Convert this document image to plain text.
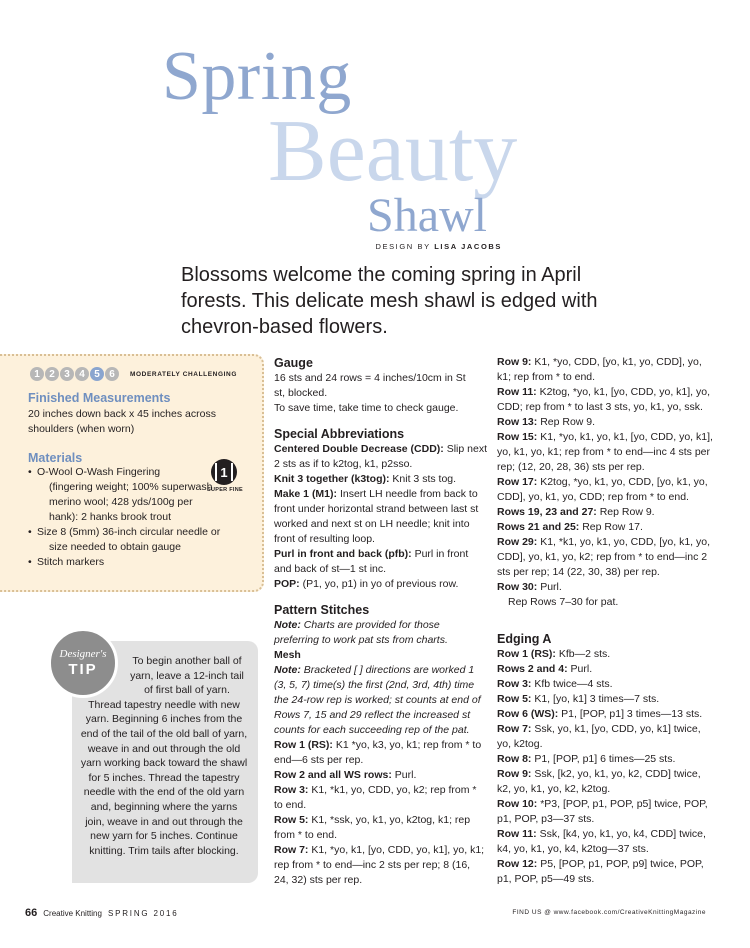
Spring
Beauty
Shawl
DESIGN BY LISA JACOBS
Blossoms welcome the coming spring in April forests. This delicate mesh shawl is edged with chevron-based flowers.
1 2 3 4 5 6	MODERATELY CHALLENGING
Finished Measurements
20 inches down back x 45 inches across shoulders (when worn)
Materials
1
SUPER FINE
• O-Wool O-Wash Fingering
(fingering weight; 100% superwash merino wool; 428 yds/100g per hank): 2 hanks brook trout
• Size 8 (5mm) 36-inch circular needle or
size needed to obtain gauge
• Stitch markers
Designer's
TIP	To begin another ball of yarn, leave a 12-inch tail of first ball of yarn.
Thread tapestry needle with new yarn. Beginning 6 inches from the end of the tail of the old ball of yarn, weave in and out through the old yarn working back toward the shawl for 5 inches. Thread the tapestry needle with the end of the old yarn and, beginning where the yarns join, weave in and out through the new yarn for 5 inches. Continue knitting. Trim tails after blocking.
Gauge

16 sts and 24 rows = 4 inches/10cm in St st, blocked.

To save time, take time to check gauge.

Special Abbreviations

Centered Double Decrease (CDD): Slip next 2 sts as if to k2tog, k1, p2sso.

Knit 3 together (k3tog): Knit 3 sts tog.

Make 1 (M1): Insert LH needle from back to front under horizontal strand between last st worked and next st on LH needle; knit into front of resulting loop.

Purl in front and back (pfb): Purl in front and back of st—1 st inc.

POP: (P1, yo, p1) in yo of previous row.

Pattern Stitches

Note: Charts are provided for those preferring to work pat sts from charts.

Mesh

Note: Bracketed [ ] directions are worked 1 (3, 5, 7) time(s) the first (2nd, 3rd, 4th) time the 24-row rep is worked; st counts at end of Rows 7, 15 and 29 reflect the increased st counts for each succeeding rep of the pat.

Row 1 (RS): K1 *yo, k3, yo, k1; rep from * to end—6 sts per rep.

Row 2 and all WS rows: Purl.

Row 3: K1, *k1, yo, CDD, yo, k2; rep from * to end.

Row 5: K1, *ssk, yo, k1, yo, k2tog, k1; rep from * to end.

Row 7: K1, *yo, k1, [yo, CDD, yo, k1], yo, k1; rep from * to end—inc 2 sts per rep; 8 (16, 24, 32) sts per rep.

Row 9: K1, *yo, CDD, [yo, k1, yo, CDD], yo, k1; rep from * to end.

Row 11: K2tog, *yo, k1, [yo, CDD, yo, k1], yo, CDD; rep from * to last 3 sts, yo, k1, yo, ssk.

Row 13: Rep Row 9.

Row 15: K1, *yo, k1, yo, k1, [yo, CDD, yo, k1], yo, k1, yo, k1; rep from * to end—inc 4 sts per rep; (12, 20, 28, 36) sts per rep.

Row 17: K2tog, *yo, k1, yo, CDD, [yo, k1, yo, CDD], yo, k1, yo, CDD; rep from * to end.

Rows 19, 23 and 27: Rep Row 9.

Rows 21 and 25: Rep Row 17.

Row 29: K1, *k1, yo, k1, yo, CDD, [yo, k1, yo, CDD], yo, k1, yo, k2; rep from * to end—inc 2 sts per rep; 14 (22, 30, 38) per rep.

Row 30: Purl.

Rep Rows 7–30 for pat.

Edging A

Row 1 (RS): Kfb—2 sts.

Rows 2 and 4: Purl.

Row 3: Kfb twice—4 sts.

Row 5: K1, [yo, k1] 3 times—7 sts.

Row 6 (WS): P1, [POP, p1] 3 times—13 sts.

Row 7: Ssk, yo, k1, [yo, CDD, yo, k1] twice, yo, k2tog.

Row 8: P1, [POP, p1] 6 times—25 sts.

Row 9: Ssk, [k2, yo, k1, yo, k2, CDD] twice, k2, yo, k1, yo, k2, k2tog.

Row 10: *P3, [POP, p1, POP, p5] twice, POP, p1, POP, p3—37 sts.

Row 11: Ssk, [k4, yo, k1, yo, k4, CDD] twice, k4, yo, k1, yo, k4, k2tog—37 sts.

Row 12: P5, [POP, p1, POP, p9] twice, POP, p1, POP, p5—49 sts.

66 Creative Knitting SPRING 2016	FIND US @ www.facebook.com/CreativeKnittingMagazine
